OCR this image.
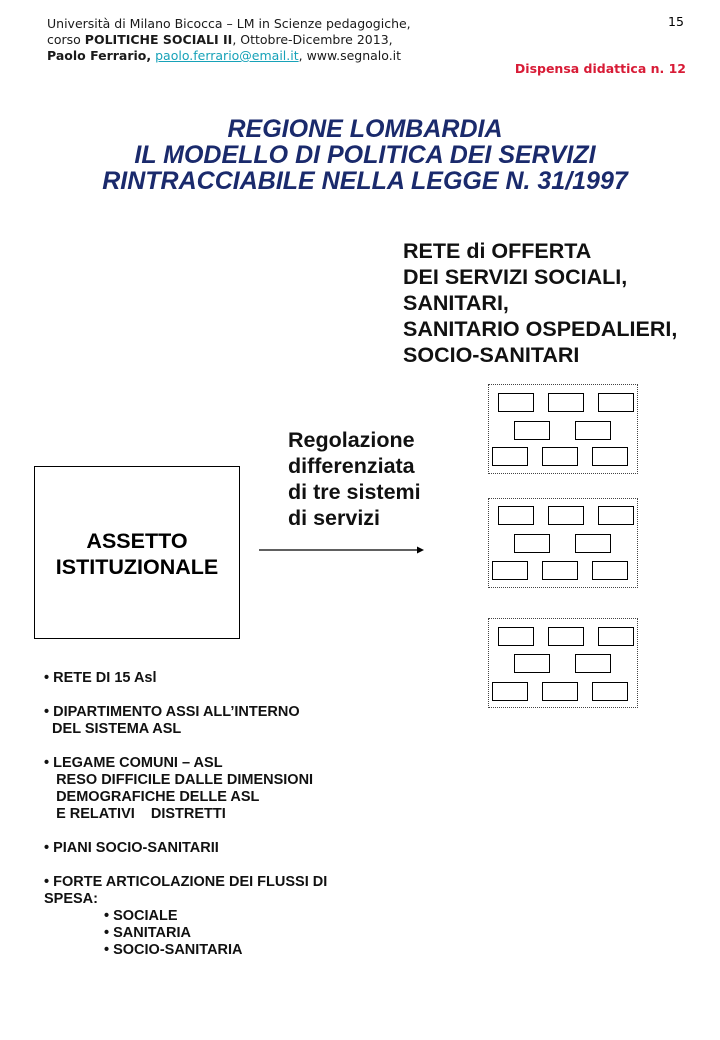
Università di Milano Bicocca – LM in Scienze pedagogiche,
corso POLITICHE SOCIALI II, Ottobre-Dicembre 2013,
Paolo Ferrario, paolo.ferrario@email.it, www.segnalo.it
15
Dispensa didattica n. 12
REGIONE LOMBARDIA
IL MODELLO DI POLITICA DEI SERVIZI
RINTRACCIABILE NELLA LEGGE N. 31/1997
RETE di OFFERTA
DEI SERVIZI SOCIALI,
SANITARI,
SANITARIO OSPEDALIERI,
SOCIO-SANITARI
Regolazione
differenziata
di tre sistemi
di servizi
ASSETTO
ISTITUZIONALE
• RETE DI 15 Asl
• DIPARTIMENTO ASSI ALL’INTERNO
DEL SISTEMA ASL
• LEGAME COMUNI – ASL
RESO DIFFICILE DALLE DIMENSIONI
DEMOGRAFICHE DELLE ASL
E RELATIVI    DISTRETTI
• PIANI SOCIO-SANITARII
• FORTE ARTICOLAZIONE DEI FLUSSI DI
SPESA:
• SOCIALE
• SANITARIA
• SOCIO-SANITARIA
